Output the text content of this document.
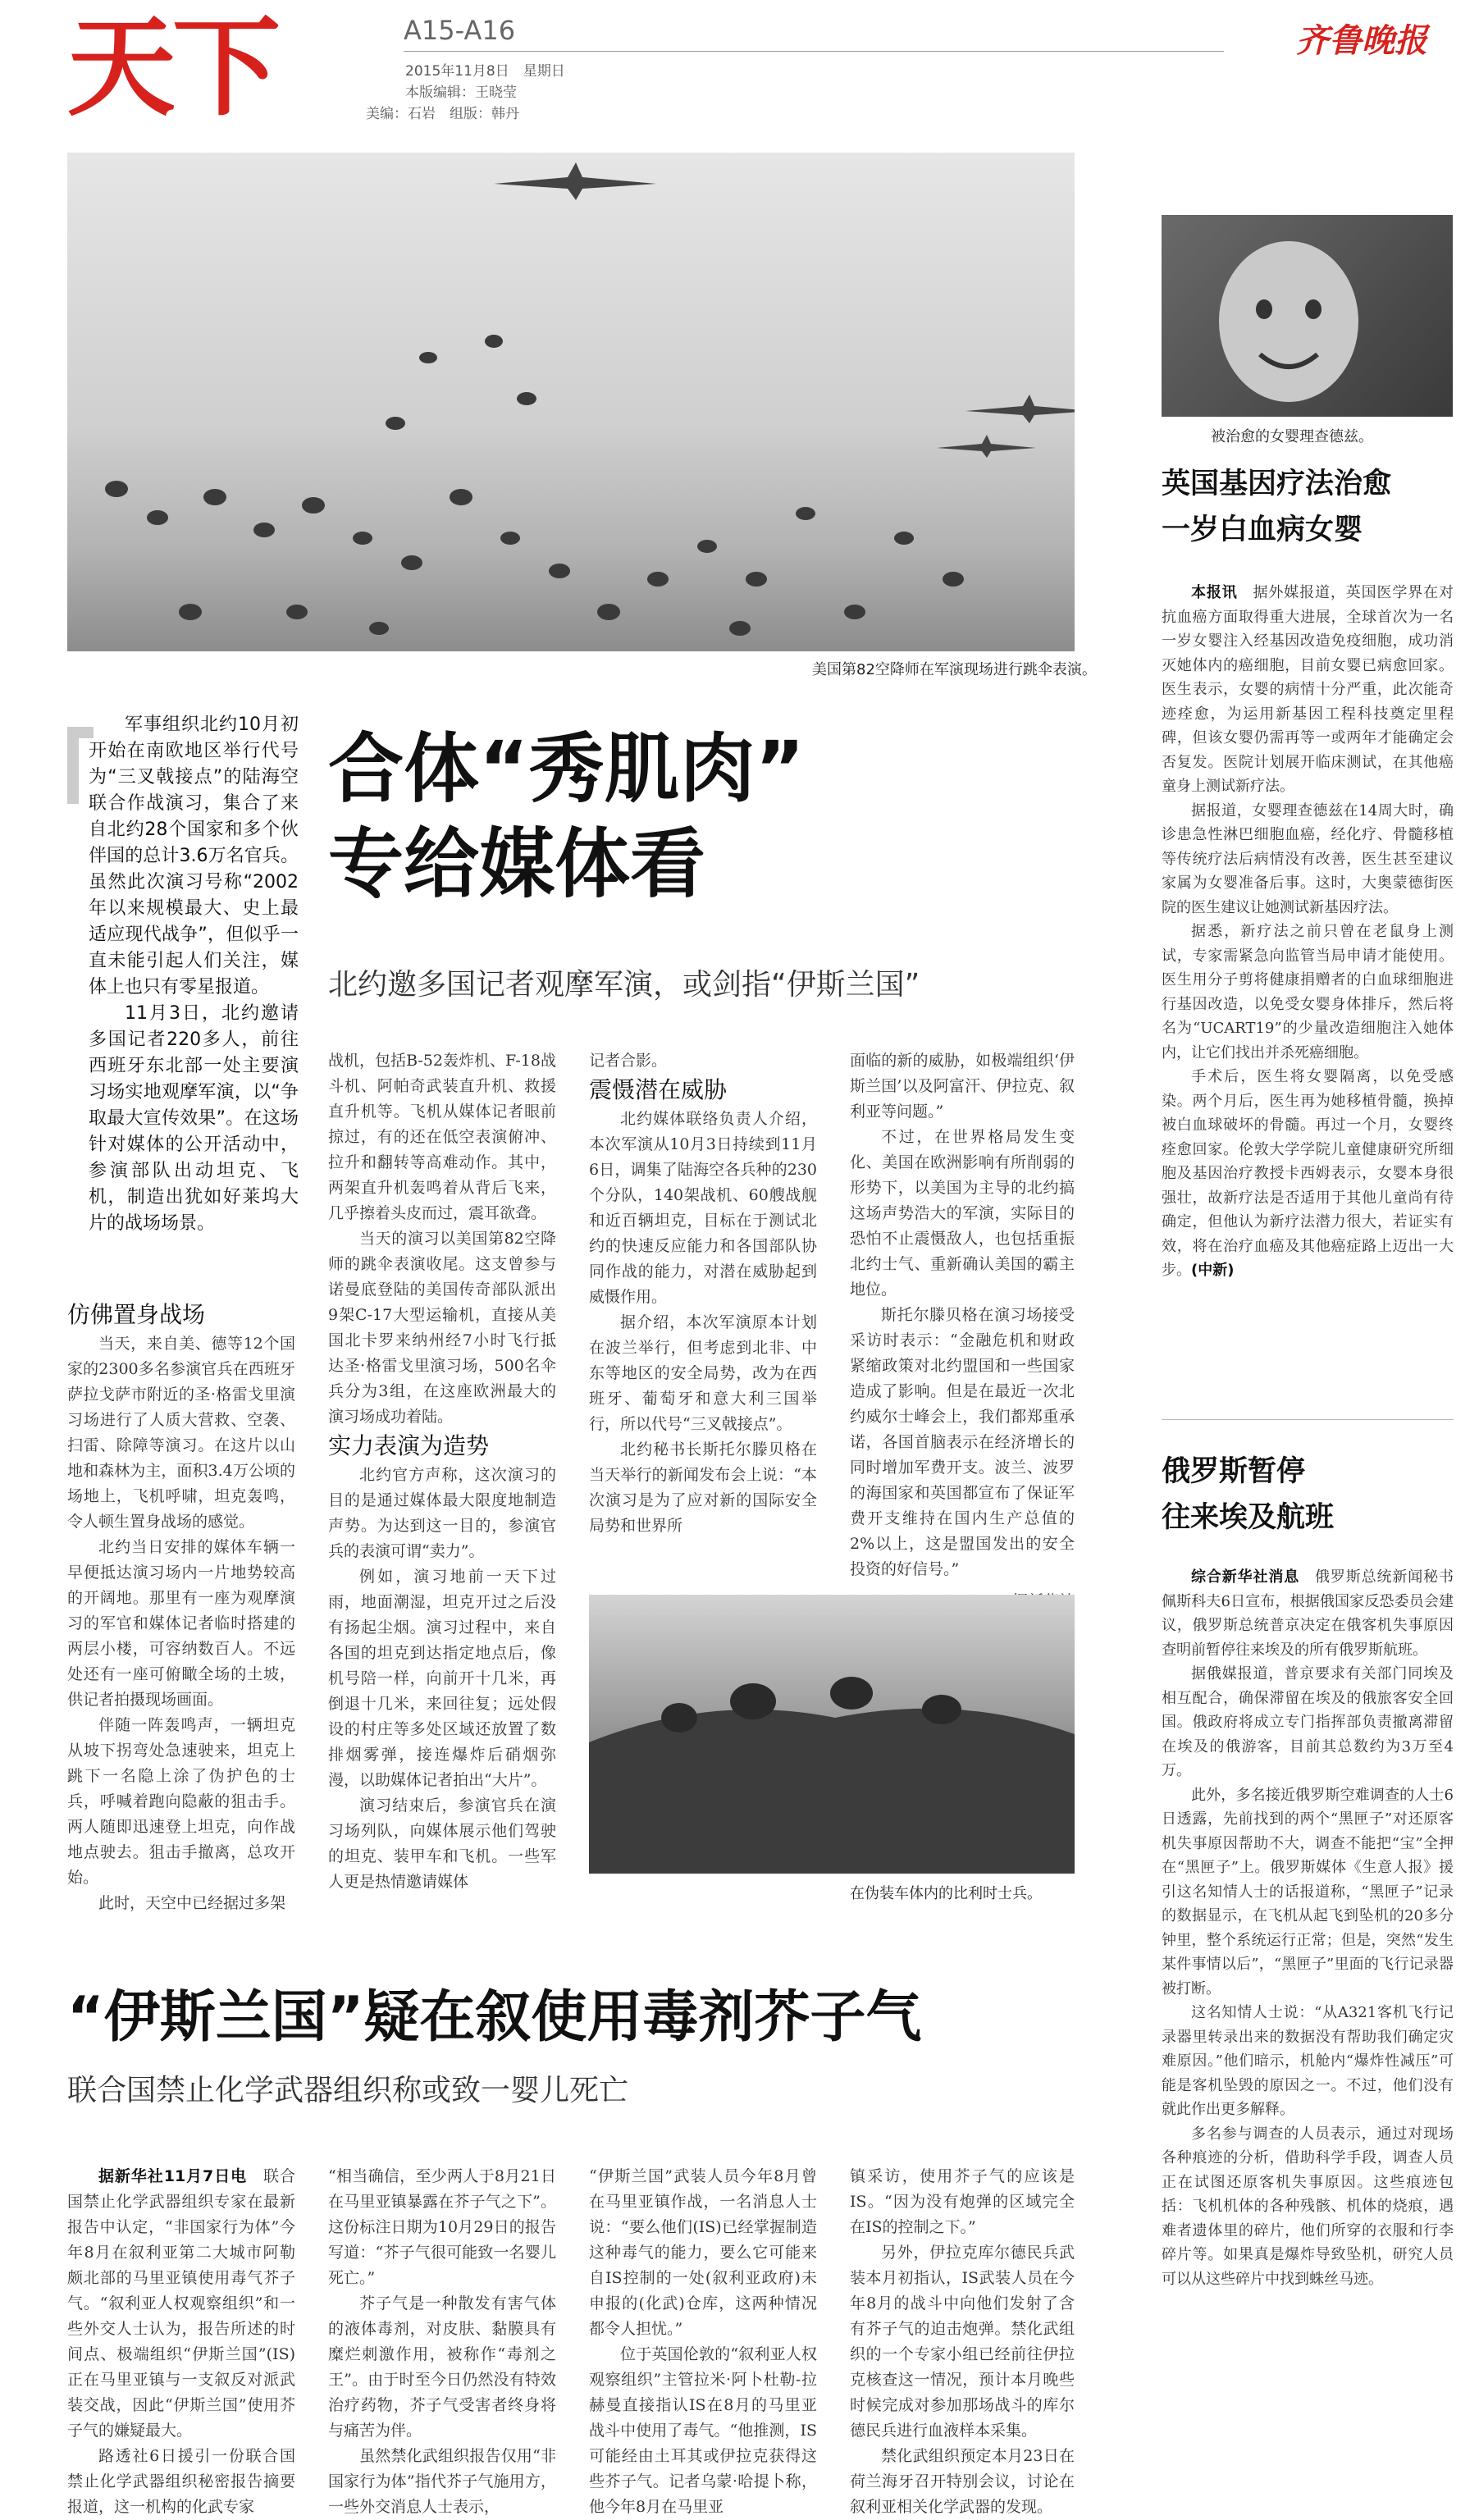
天下	A15-A16
2015年11月8日　星期日
本版编辑：王晓莹
美编：石岩　组版：韩丹
齐鲁晚报
美国第82空降师在军演现场进行跳伞表演。
被治愈的女婴理查德兹。

军事组织北约10月初开始在南欧地区举行代号为“三叉戟接点”的陆海空联合作战演习，集合了来自北约28个国家和多个伙伴国的总计3.6万名官兵。虽然此次演习号称“2002年以来规模最大、史上最适应现代战争”，但似乎一直未能引起人们关注，媒体上也只有零星报道。

11月3日，北约邀请多国记者220多人，前往西班牙东北部一处主要演习场实地观摩军演，以“争取最大宣传效果”。在这场针对媒体的公开活动中，参演部队出动坦克、飞机，制造出犹如好莱坞大片的战场场景。

合体“秀肌肉”
专给媒体看
北约邀多国记者观摩军演，或剑指“伊斯兰国”

仿佛置身战场

当天，来自美、德等12个国家的2300多名参演官兵在西班牙萨拉戈萨市附近的圣·格雷戈里演习场进行了人质大营救、空袭、扫雷、除障等演习。在这片以山地和森林为主，面积3.4万公顷的场地上，飞机呼啸，坦克轰鸣，令人顿生置身战场的感觉。

北约当日安排的媒体车辆一早便抵达演习场内一片地势较高的开阔地。那里有一座为观摩演习的军官和媒体记者临时搭建的两层小楼，可容纳数百人。不远处还有一座可俯瞰全场的土坡，供记者拍摄现场画面。

伴随一阵轰鸣声，一辆坦克从坡下拐弯处急速驶来，坦克上跳下一名隐上涂了伪护色的士兵，呼喊着跑向隐蔽的狙击手。两人随即迅速登上坦克，向作战地点驶去。狙击手撤离，总攻开始。

此时，天空中已经据过多架

战机，包括B-52轰炸机、F-18战斗机、阿帕奇武装直升机、救援直升机等。飞机从媒体记者眼前掠过，有的还在低空表演俯冲、拉升和翻转等高难动作。其中，两架直升机轰鸣着从背后飞来，几乎擦着头皮而过，震耳欲聋。

当天的演习以美国第82空降师的跳伞表演收尾。这支曾参与诺曼底登陆的美国传奇部队派出9架C-17大型运输机，直接从美国北卡罗来纳州经7小时飞行抵达圣·格雷戈里演习场，500名伞兵分为3组，在这座欧洲最大的演习场成功着陆。

实力表演为造势

北约官方声称，这次演习的目的是通过媒体最大限度地制造声势。为达到这一目的，参演官兵的表演可谓“卖力”。

例如，演习地前一天下过雨，地面潮湿，坦克开过之后没有扬起尘烟。演习过程中，来自各国的坦克到达指定地点后，像机号陪一样，向前开十几米，再倒退十几米，来回往复；远处假设的村庄等多处区域还放置了数排烟雾弹，接连爆炸后硝烟弥漫，以助媒体记者拍出“大片”。

演习结束后，参演官兵在演习场列队，向媒体展示他们驾驶的坦克、装甲车和飞机。一些军人更是热情邀请媒体

记者合影。

震慑潜在威胁

北约媒体联络负责人介绍，本次军演从10月3日持续到11月6日，调集了陆海空各兵种的230个分队，140架战机、60艘战舰和近百辆坦克，目标在于测试北约的快速反应能力和各国部队协同作战的能力，对潜在威胁起到威慑作用。

据介绍，本次军演原本计划在波兰举行，但考虑到北非、中东等地区的安全局势，改为在西班牙、葡萄牙和意大利三国举行，所以代号“三叉戟接点”。

北约秘书长斯托尔滕贝格在当天举行的新闻发布会上说：“本次演习是为了应对新的国际安全局势和世界所

面临的新的威胁，如极端组织‘伊斯兰国’以及阿富汗、伊拉克、叙利亚等问题。”

不过，在世界格局发生变化、美国在欧洲影响有所削弱的形势下，以美国为主导的北约搞这场声势浩大的军演，实际目的恐怕不止震慑敌人，也包括重振北约士气、重新确认美国的霸主地位。

斯托尔滕贝格在演习场接受采访时表示：“金融危机和财政紧缩政策对北约盟国和一些国家造成了影响。但是在最近一次北约威尔士峰会上，我们都郑重承诺，各国首脑表示在经济增长的同时增加军费开支。波兰、波罗的海国家和英国都宣布了保证军费开支维持在国内生产总值的2%以上，这是盟国发出的安全投资的好信号。”

在伪装车体内的比利时士兵。
英国基因疗法治愈
一岁白血病女婴

本报讯　 据外媒报道，英国医学界在对抗血癌方面取得重大进展，全球首次为一名一岁女婴注入经基因改造免疫细胞，成功消灭她体内的癌细胞，目前女婴已病愈回家。医生表示，女婴的病情十分严重，此次能奇迹痊愈，为运用新基因工程科技奠定里程碑，但该女婴仍需再等一或两年才能确定会否复发。医院计划展开临床测试，在其他癌童身上测试新疗法。

据报道，女婴理查德兹在14周大时，确诊患急性淋巴细胞血癌，经化疗、骨髓移植等传统疗法后病情没有改善，医生甚至建议家属为女婴准备后事。这时，大奥蒙德街医院的医生建议让她测试新基因疗法。

据悉，新疗法之前只曾在老鼠身上测试，专家需紧急向监管当局申请才能使用。医生用分子剪将健康捐赠者的白血球细胞进行基因改造，以免受女婴身体排斥，然后将名为“UCART19”的少量改造细胞注入她体内，让它们找出并杀死癌细胞。

手术后，医生将女婴隔离，以免受感染。两个月后，医生再为她移植骨髓，换掉被白血球破坏的骨髓。再过一个月，女婴终痊愈回家。伦敦大学学院儿童健康研究所细胞及基因治疗教授卡西姆表示，女婴本身很强壮，故新疗法是否适用于其他儿童尚有待确定，但他认为新疗法潜力很大，若证实有效，将在治疗血癌及其他癌症路上迈出一大步。(中新)

俄罗斯暂停
往来埃及航班

综合新华社消息　 俄罗斯总统新闻秘书佩斯科夫6日宣布，根据俄国家反恐委员会建议，俄罗斯总统普京决定在俄客机失事原因查明前暂停往来埃及的所有俄罗斯航班。

据俄媒报道，普京要求有关部门同埃及相互配合，确保滞留在埃及的俄旅客安全回国。俄政府将成立专门指挥部负责撤离滞留在埃及的俄游客，目前其总数约为3万至4万。

此外，多名接近俄罗斯空难调查的人士6日透露，先前找到的两个“黑匣子”对还原客机失事原因帮助不大，调查不能把“宝”全押在“黑匣子”上。俄罗斯媒体《生意人报》援引这名知情人士的话报道称，“黑匣子”记录的数据显示，在飞机从起飞到坠机的20多分钟里，整个系统运行正常；但是，突然“发生某件事情以后”，“黑匣子”里面的飞行记录器被打断。

这名知情人士说：“从A321客机飞行记录器里转录出来的数据没有帮助我们确定灾难原因。”他们暗示，机舱内“爆炸性减压”可能是客机坠毁的原因之一。不过，他们没有就此作出更多解释。

多名参与调查的人员表示，通过对现场各种痕迹的分析，借助科学手段，调查人员正在试图还原客机失事原因。这些痕迹包括：飞机机体的各种残骸、机体的烧痕，遇难者遗体里的碎片，他们所穿的衣服和行李碎片等。如果真是爆炸导致坠机，研究人员可以从这些碎片中找到蛛丝马迹。

“伊斯兰国”疑在叙使用毒剂芥子气
联合国禁止化学武器组织称或致一婴儿死亡

据新华社11月7日电　 联合国禁止化学武器组织专家在最新报告中认定，“非国家行为体”今年8月在叙利亚第二大城市阿勒颇北部的马里亚镇使用毒气芥子气。“叙利亚人权观察组织”和一些外交人士认为，报告所述的时间点、极端组织“伊斯兰国”(IS)正在马里亚镇与一支叙反对派武装交战，因此“伊斯兰国”使用芥子气的嫌疑最大。

路透社6日援引一份联合国禁止化学武器组织秘密报告摘要报道，这一机构的化武专家

“相当确信，至少两人于8月21日在马里亚镇暴露在芥子气之下”。这份标注日期为10月29日的报告写道：“芥子气很可能致一名婴儿死亡。”

芥子气是一种散发有害气体的液体毒剂，对皮肤、黏膜具有糜烂刺激作用，被称作“毒剂之王”。由于时至今日仍然没有特效治疗药物，芥子气受害者终身将与痛苦为伴。

虽然禁化武组织报告仅用“非国家行为体”指代芥子气施用方，一些外交消息人士表示，

“伊斯兰国”武装人员今年8月曾在马里亚镇作战，一名消息人士说：“要么他们(IS)已经掌握制造这种毒气的能力，要么它可能来自IS控制的一处(叙利亚政府)未申报的(化武)仓库，这两种情况都令人担忧。”

位于英国伦敦的“叙利亚人权观察组织”主管拉米·阿卜杜勒-拉赫曼直接指认IS在8月的马里亚战斗中使用了毒气。“他推测，IS可能经由土耳其或伊拉克获得这些芥子气。记者乌蒙·哈提卜称，他今年8月在马里亚

镇采访，使用芥子气的应该是IS。“因为没有炮弹的区域完全在IS的控制之下。”

另外，伊拉克库尔德民兵武装本月初指认，IS武装人员在今年8月的战斗中向他们发射了含有芥子气的迫击炮弹。禁化武组织的一个专家小组已经前往伊拉克核查这一情况，预计本月晚些时候完成对参加那场战斗的库尔德民兵进行血液样本采集。

禁化武组织预定本月23日在荷兰海牙召开特别会议，讨论在叙利亚相关化学武器的发现。
